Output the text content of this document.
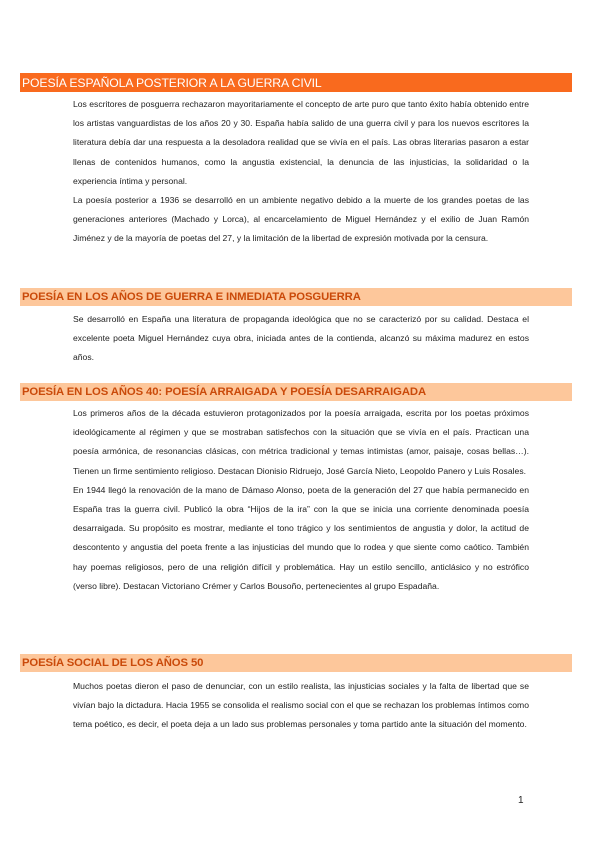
POESÍA ESPAÑOLA POSTERIOR A LA GUERRA CIVIL

Los escritores de posguerra rechazaron mayoritariamente el concepto de arte puro que tanto éxito había obtenido entre los artistas vanguardistas de los años 20 y 30. España había salido de una guerra civil y para los nuevos escritores la literatura debía dar una respuesta a la desoladora realidad que se vivía en el país. Las obras literarias pasaron a estar llenas de contenidos humanos, como la angustia existencial, la denuncia de las injusticias, la solidaridad o la experiencia íntima y personal.

La poesía posterior a 1936 se desarrolló en un ambiente negativo debido a la muerte de los grandes poetas de las generaciones anteriores (Machado y Lorca), al encarcelamiento de Miguel Hernández y el exilio de Juan Ramón Jiménez y de la mayoría de poetas del 27, y la limitación de la libertad de expresión motivada por la censura.

POESÍA EN LOS AÑOS DE GUERRA E INMEDIATA POSGUERRA

Se desarrolló en España una literatura de propaganda ideológica que no se caracterizó por su calidad. Destaca el excelente poeta Miguel Hernández cuya obra, iniciada antes de la contienda, alcanzó su máxima madurez en estos años.

POESÍA EN LOS AÑOS 40: POESÍA ARRAIGADA Y POESÍA DESARRAIGADA

Los primeros años de la década estuvieron protagonizados por la poesía arraigada, escrita por los poetas próximos ideológicamente al régimen y que se mostraban satisfechos con la situación que se vivía en el país. Practican una poesía armónica, de resonancias clásicas, con métrica tradicional y temas intimistas (amor, paisaje, cosas bellas…). Tienen un firme sentimiento religioso. Destacan Dionisio Ridruejo, José García Nieto, Leopoldo Panero y Luis Rosales.

En 1944 llegó la renovación de la mano de Dámaso Alonso, poeta de la generación del 27 que había permanecido en España tras la guerra civil. Publicó la obra “Hijos de la ira” con la que se inicia una corriente denominada poesía desarraigada. Su propósito es mostrar, mediante el tono trágico y los sentimientos de angustia y dolor, la actitud de descontento y angustia del poeta frente a las injusticias del mundo que lo rodea y que siente como caótico. También hay poemas religiosos, pero de una religión difícil y problemática. Hay un estilo sencillo, anticlásico y no estrófico (verso libre). Destacan Victoriano Crémer y Carlos Bousoño, pertenecientes al grupo Espadaña.

POESÍA SOCIAL DE LOS AÑOS 50

Muchos poetas dieron el paso de denunciar, con un estilo realista, las injusticias sociales y la falta de libertad que se vivían bajo la dictadura. Hacia 1955 se consolida el realismo social con el que se rechazan los problemas íntimos como tema poético, es decir, el poeta deja a un lado sus problemas personales y toma partido ante la situación del momento.

1
